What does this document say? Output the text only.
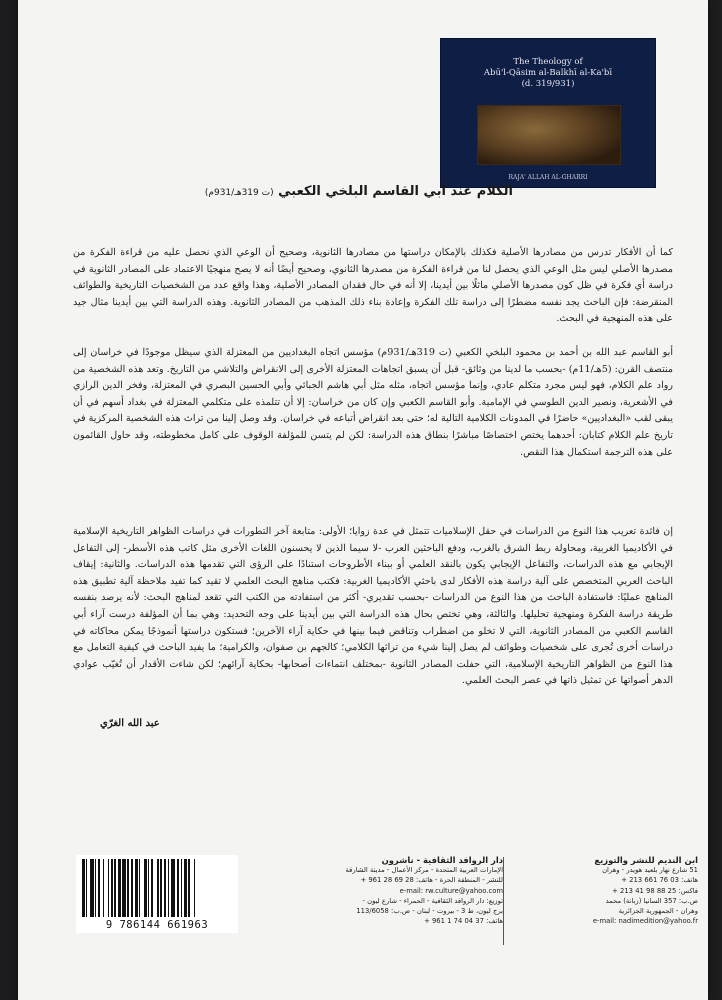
The Theology of
Abū'l-Qāsim al-Balkhī al-Ka'bī
(d. 319/931)
RAJA' ALLAH AL-GHARRI
الكلام عند أبي القاسم البلخي الكعبي (ت 319هـ/931م)
كما أن الأفكار تدرس من مصادرها الأصلية فكذلك بالإمكان دراستها من مصادرها الثانوية، وصحيح أن الوعي الذي نحصل عليه من قراءة الفكرة من مصدرها الأصلي ليس مثل الوعي الذي يحصل لنا من قراءة الفكرة من مصدرها الثانوي، وصحيح أيضًا أنه لا يصح منهجيًا الاعتماد على المصادر الثانوية في دراسة أي فكرة في ظل كون مصدرها الأصلي ماثلًا بين أيدينا، إلا أنه في حال فقدان المصادر الأصلية، وهذا واقع عدد من الشخصيات التاريخية والطوائف المنقرضة: فإن الباحث يجد نفسه مضطرًا إلى دراسة تلك الفكرة وإعادة بناء ذلك المذهب من المصادر الثانوية. وهذه الدراسة التي بين أيدينا مثال جيد على هذه المنهجية في البحث.
أبو القاسم عبد الله بن أحمد بن محمود البلخي الكعبي (ت 319هـ/931م) مؤسس اتجاه البغداديين من المعتزلة الذي سيظل موجودًا في خراسان إلى منتصف القرن: (5هـ/11م) -بحسب ما لدينا من وثائق- قبل أن يسبق اتجاهات المعتزلة الأخرى إلى الانقراض والتلاشي من التاريخ. وتعد هذه الشخصية من رواد علم الكلام، فهو ليس مجرد متكلم عادي، وإنما مؤسس اتجاه، مثله مثل أبي هاشم الجبائي وأبي الحسين البصري في المعتزلة، وفخر الدين الرازي في الأشعرية، ونصير الدين الطوسي في الإمامية. وأبو القاسم الكعبي وإن كان من خراسان: إلا أن تتلمذه على متكلمي المعتزلة في بغداد أسهم في أن يبقى لقب «البغداديين» حاضرًا في المدونات الكلامية التالية له؛ حتى بعد انقراض أتباعه في خراسان. وقد وصل إلينا من تراث هذه الشخصية المركزية في تاريخ علم الكلام كتابان: أحدهما يختص اختصاصًا مباشرًا بنطاق هذه الدراسة: لكن لم يتسن للمؤلفة الوقوف على كامل مخطوطته، وقد حاول القائمون على هذه الترجمة استكمال هذا النقص.
إن فائدة تعريب هذا النوع من الدراسات في حقل الإسلاميات تتمثل في عدة زوايا؛ الأولى: متابعة آخر التطورات في دراسات الظواهر التاريخية الإسلامية في الأكاديميا الغربية، ومحاولة ربط الشرق بالغرب، ودفع الباحثين العرب -لا سيما الذين لا يحسنون اللغات الأخرى مثل كاتب هذه الأسطر- إلى التفاعل الإيجابي مع هذه الدراسات، والتفاعل الإيجابي يكون بالنقد العلمي أو ببناء الأطروحات استنادًا على الرؤى التي تقدمها هذه الدراسات. والثانية: إيقاف الباحث العربي المتخصص على آلية دراسة هذه الأفكار لدى باحثي الأكاديميا الغربية: فكتب مناهج البحث العلمي لا تقيد كما تفيد ملاحظة آلية تطبيق هذه المناهج عمليًا: فاستفادة الباحث من هذا النوع من الدراسات -بحسب تقديري- أكثر من استفادته من الكتب التي تقعد لمناهج البحث: لأنه يرصد بنفسه طريقة دراسة الفكرة ومنهجية تحليلها. والثالثة، وهي تختص بحال هذه الدراسة التي بين أيدينا على وجه التحديد: وهي بما أن المؤلفة درست آراء أبي القاسم الكعبي من المصادر الثانوية، التي لا تخلو من اضطراب وتناقض فيما بينها في حكاية آراء الآخرين؛ فستكون دراستها أنموذجًا يمكن محاكاته في دراسات أخرى تُجرى على شخصيات وطوائف لم يصل إلينا شيء من تراثها الكلامي؛ كالجهم بن صفوان، والكرامية؛ ما يفيد الباحث في كيفية التعامل مع هذا النوع من الظواهر التاريخية الإسلامية، التي حفلت المصادر الثانوية -بمختلف انتماءات أصحابها- بحكاية آرائهم؛ لكن شاءت الأقدار أن تُغيّب عوادي الدهر أصواتها عن تمثيل ذاتها في عصر البحث العلمي.
عبد الله الغرّي
9 786144 661963
ابن النديم للنشر والتوزيع
51 شارع نهار بلعيد هويدر - وهران
هاتف: 03 76 661 213 +
فاكس: 25 88 98 41 213 +
ص.ب: 357 السانيا (زبانة) محمد
وهران - الجمهورية الجزائرية
e-mail: nadimedition@yahoo.fr
دار الروافد الثقافية - ناشرون
الإمارات العربية المتحدة - مركز الأعمال - مدينة الشارقة
للنشر - المنطقة الحرة - هاتف: 28 69 28 961 +
e-mail: rw.culture@yahoo.com
توزيع: دار الروافد الثقافية - الحمراء - شارع ليون -
برج ليون، ط 3 - بيروت - لبنان - ص.ب: 113/6058
هاتف: 37 04 74 1 961 +
